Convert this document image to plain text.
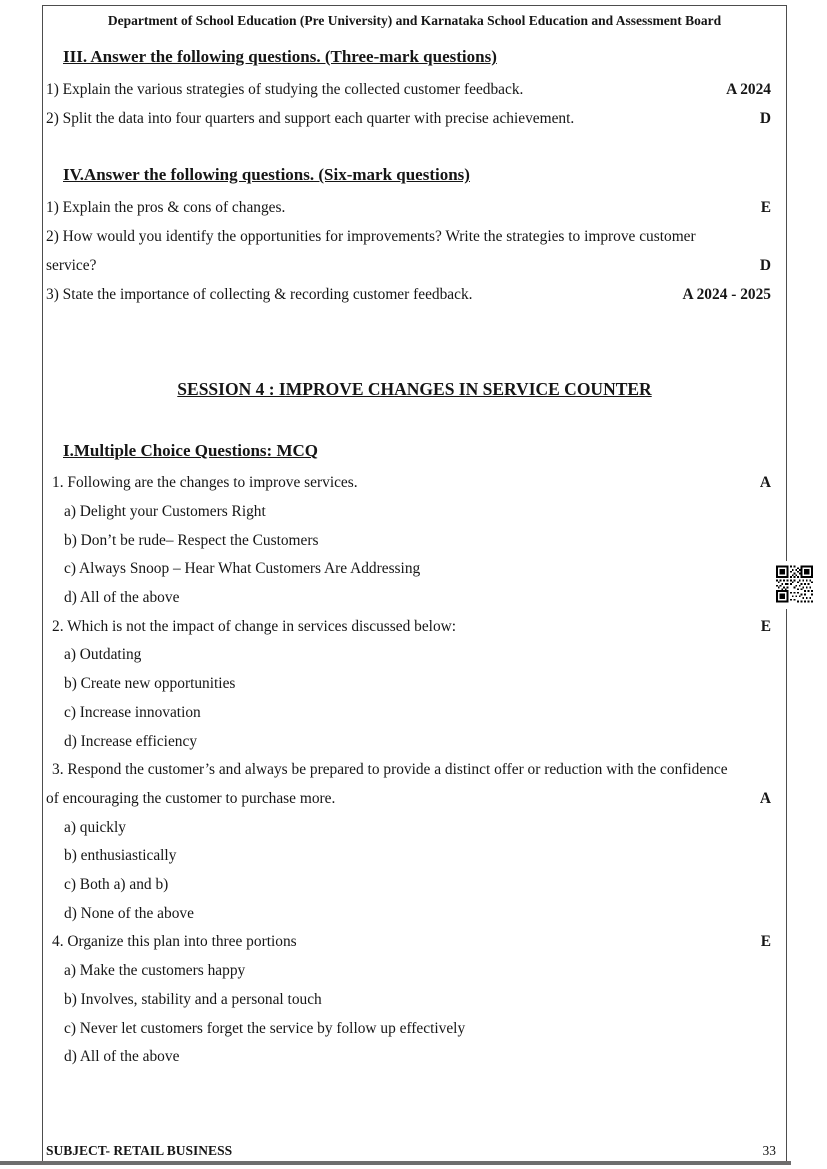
Department of School Education (Pre University) and Karnataka School Education and Assessment Board
III. Answer the following questions. (Three-mark questions)
1) Explain the various strategies of studying the collected customer feedback.	A 2024
2) Split the data into four quarters and support each quarter with precise achievement.	D
IV.Answer the following questions. (Six-mark questions)
1) Explain the pros & cons of changes.	E
2) How would you identify the opportunities for improvements? Write the strategies to improve customer
service?	D
3) State the importance of collecting & recording customer feedback.	A 2024 - 2025
SESSION 4 : IMPROVE CHANGES IN SERVICE COUNTER
I.Multiple Choice Questions: MCQ
1. Following are the changes to improve services.	A
a) Delight your Customers Right
b) Don’t be rude– Respect the Customers
c) Always Snoop – Hear What Customers Are Addressing
d) All of the above
2. Which is not the impact of change in services discussed below:	E
a) Outdating
b) Create new opportunities
c) Increase innovation
d) Increase efficiency
3. Respond the customer’s and always be prepared to provide a distinct offer or reduction with the confidence
of encouraging the customer to purchase more.	A
a) quickly
b) enthusiastically
c) Both a) and b)
d) None of the above
4. Organize this plan into three portions	E
a) Make the customers happy
b) Involves, stability and a personal touch
c) Never let customers forget the service by follow up effectively
d) All of the above
SUBJECT- RETAIL BUSINESS	33
